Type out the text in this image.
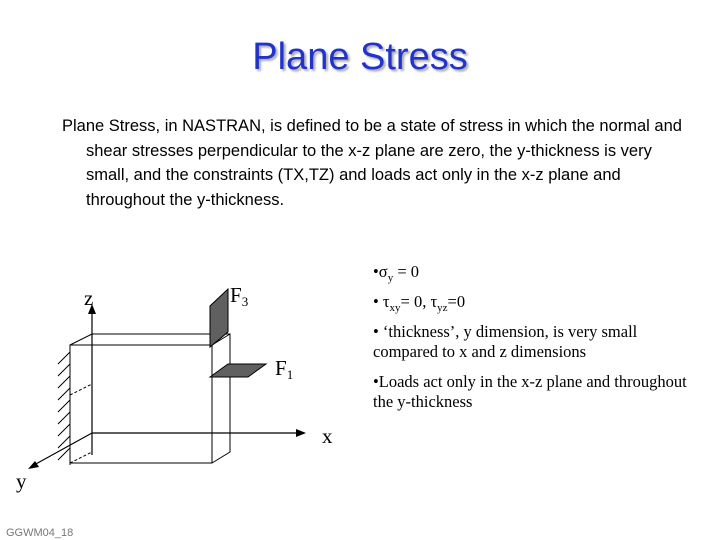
Plane Stress
Plane Stress, in NASTRAN, is defined to be a state of stress in which the normal and shear stresses perpendicular to the x-z plane are zero, the y-thickness is very small, and the constraints (TX,TZ) and loads act only in the x-z plane and throughout the y-thickness.
z
x
y
$F_3$
$F_1$
$•\sigma_y = 0$
• $\tau_{xy}= 0$, $\tau_{yz}=0$
• ‘thickness’, y dimension, is very small compared to x and z dimensions
•Loads act only in the x-z plane and throughout the y-thickness
GGWM04_18
